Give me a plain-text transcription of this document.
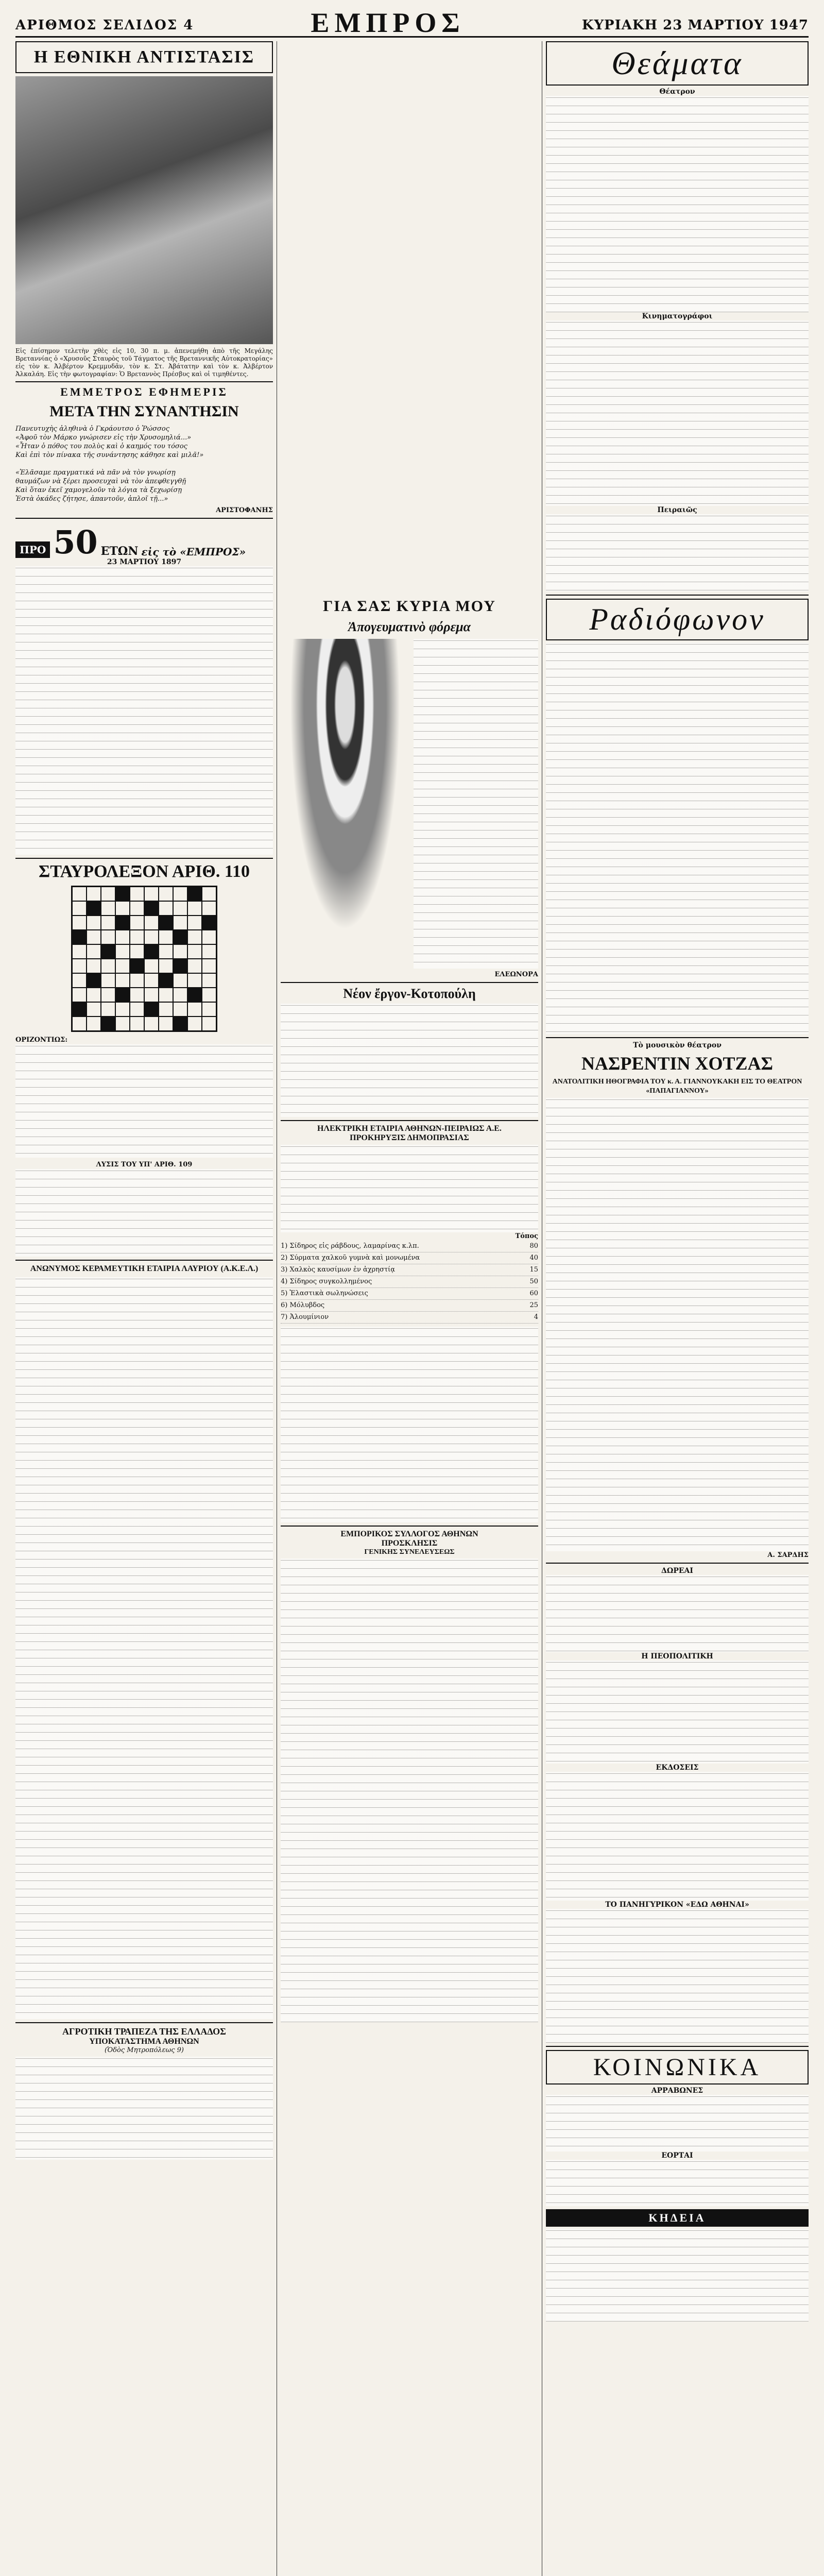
ΑΡΙΘΜΟΣ ΣΕΛΙΔΟΣ 4	ΕΜΠΡΟΣ	ΚΥΡΙΑΚΗ 23 ΜΑΡΤΙΟΥ 1947
Η ΕΘΝΙΚΗ ΑΝΤΙΣΤΑΣΙΣ

Εἰς ἐπίσημον τελετὴν χθὲς εἰς 10, 30 π. μ. ἀπενεμήθη ἀπὸ τῆς Μεγάλης Βρεταννίας ὁ «Χρυσοῦς Σταυρὸς τοῦ Τάγματος τῆς Βρεταννικῆς Αὐτοκρατορίας» εἰς τὸν κ. Ἀλβέρτον Κρεμμυδᾶν, τὸν κ. Στ. Ἀβάτατην καὶ τὸν κ. Ἀλβέρτον Ἀλκαλάη. Εἰς τὴν φωτογραφίαν: Ὁ Βρεταννὸς Πρέσβυς καὶ οἱ τιμηθέντες.

ΕΜΜΕΤΡΟΣ ΕΦΗΜΕΡΙΣ
ΜΕΤΑ ΤΗΝ ΣΥΝΑΝΤΗΣΙΝ

Πανευτυχὴς ἀληθινὰ ὁ Γκράουτσο ὁ Ῥώσσος
«Ἀφοῦ τὸν Μάρκο γνώρισεν εἰς τὴν Χρυσομηλιά...»
«Ἦταν ὁ πόθος του πολὺς καὶ ὁ καημός του τόσος
Καὶ ἐπὶ τὸν πίνακα τῆς συνάντησης κάθησε καὶ μιλᾶ!»

«Ἐλᾶσαμε πραγματικά νὰ πᾶν νὰ τὸν γνωρίσῃ
θαυμάζων νὰ ξέρει προσευχαὶ νὰ τὸν ἀπεφθεγγθῇ
Καὶ ὅταν ἐκεῖ χαμογελοῦν τὰ λόγια τὰ ξεχωρίσῃ
Ἐστὰ ὁκάδες ζήτησε, ἀπαντοῦν, ἀπλοῖ τῇ...»

ΑΡΙΣΤΟΦΑΝΗΣ

ΠΡΟ 50 ΕΤΩΝ εἰς τὸ «ΕΜΠΡΟΣ»

23 ΜΑΡΤΙΟΥ 1897

ΣΤΑΥΡΟΛΕΞΟΝ ΑΡΙΘ. 110

ΟΡΙΖΟΝΤΙΩΣ:

ΛΥΣΙΣ ΤΟΥ ΥΠ' ΑΡΙΘ. 109

ΑΝΩΝΥΜΟΣ ΚΕΡΑΜΕΥΤΙΚΗ ΕΤΑΙΡΙΑ ΛΑΥΡΙΟΥ (Α.Κ.Ε.Λ.)
ΑΓΡΟΤΙΚΗ ΤΡΑΠΕΖΑ ΤΗΣ ΕΛΛΑΔΟΣ
ΥΠΟΚΑΤΑΣΤΗΜΑ ΑΘΗΝΩΝ

(Ὁδὸς Μητροπόλεως 9)

ΓΙΑ ΣΑΣ ΚΥΡΙΑ ΜΟΥ
Ἀπογευματινὸ φόρεμα

ΕΛΕΩΝΟΡΑ

Νέον ἔργον-Κοτοπούλη
ΗΛΕΚΤΡΙΚΗ ΕΤΑΙΡΙΑ ΑΘΗΝΩΝ-ΠΕΙΡΑΙΩΣ Α.Ε.
ΠΡΟΚΗΡΥΞΙΣ ΔΗΜΟΠΡΑΣΙΑΣ

Τόπος

1) Σίδηρος εἰς ράβδους, λαμαρίνας κ.λπ.	80
2) Σύρματα χαλκοῦ γυμνὰ καὶ μονωμένα	40
3) Χαλκὸς καυσίμων ἐν ἀχρηστίᾳ	15
4) Σίδηρος συγκολλημένος	50
5) Ἐλαστικὰ σωληνώσεις	60
6) Μόλυβδος	25
7) Ἀλουμίνιον	4
ΕΜΠΟΡΙΚΟΣ ΣΥΛΛΟΓΟΣ ΑΘΗΝΩΝ
ΠΡΟΣΚΛΗΣΙΣ
ΓΕΝΙΚΗΣ ΣΥΝΕΛΕΥΣΕΩΣ
Θεάματα

Θέατρον

Κινηματογράφοι

Πειραιῶς

Ραδιόφωνον

Τὸ μουσικὸν θέατρον

ΝΑΣΡΕΝΤΙΝ ΧΟΤΖΑΣ
ΑΝΑΤΟΛΙΤΙΚΗ ΗΘΟΓΡΑΦΙΑ ΤΟΥ κ. Α. ΓΙΑΝΝΟΥΚΑΚΗ ΕΙΣ ΤΟ ΘΕΑΤΡΟΝ «ΠΑΠΑΓΙΑΝΝΟΥ»

Α. ΣΑΡΔΗΣ

ΔΩΡΕΑΙ

Η ΠΕΟΠΟΛΙΤΙΚΗ

ΕΚΔΟΣΕΙΣ

ΤΟ ΠΑΝΗΓΥΡΙΚΟΝ «ΕΔΩ ΑΘΗΝΑΙ»

ΚΟΙΝΩΝΙΚΑ

ΑΡΡΑΒΩΝΕΣ

ΕΟΡΤΑΙ

ΚΗΔΕΙΑ
